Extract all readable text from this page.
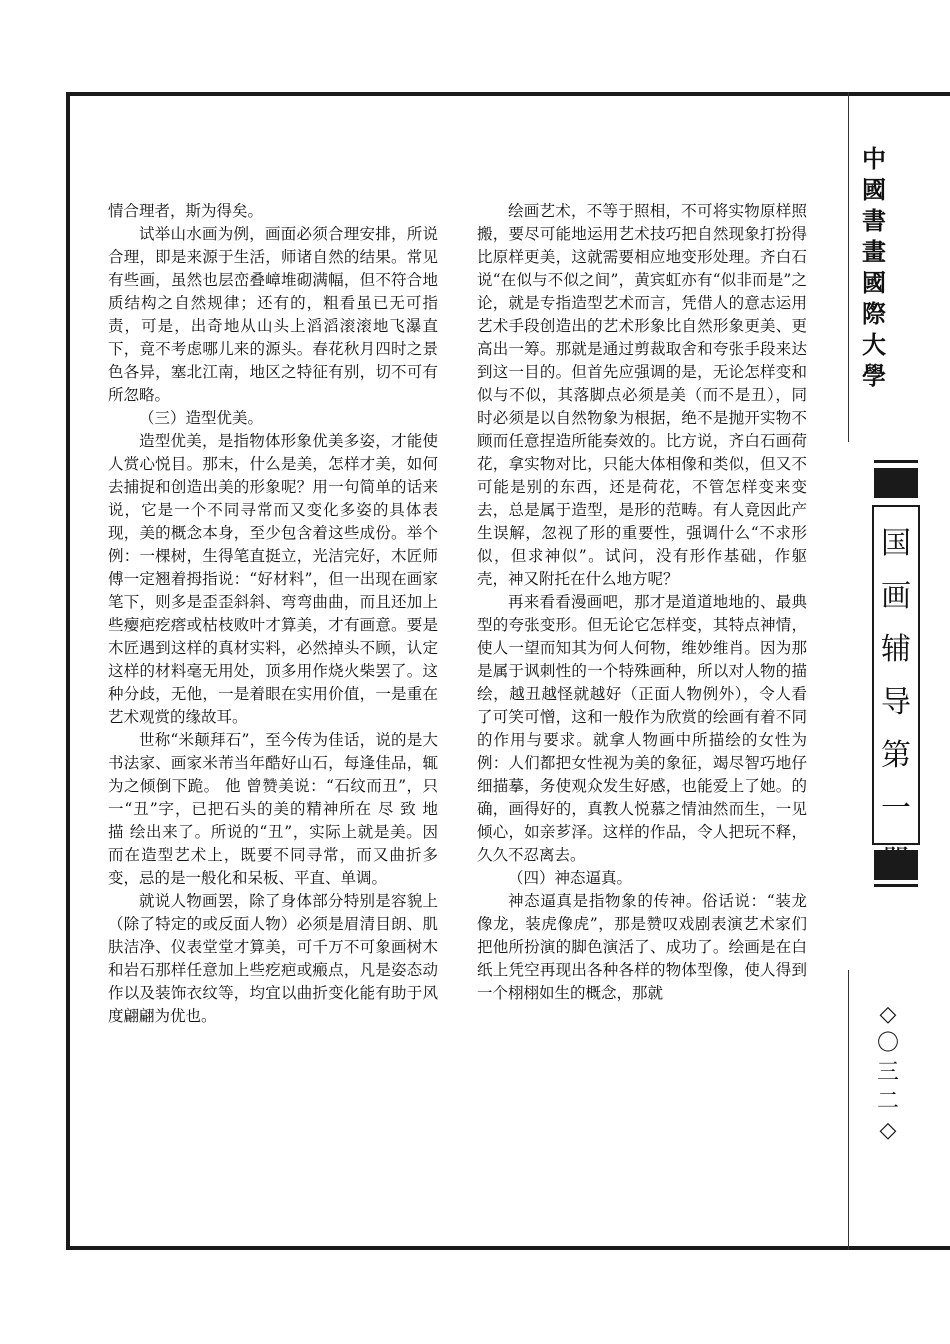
情合理者，斯为得矣。

试举山水画为例，画面必须合理安排，所说合理，即是来源于生活，师诸自然的结果。常见有些画，虽然也层峦叠嶂堆砌满幅，但不符合地质结构之自然规律；还有的，粗看虽已无可指责，可是，出奇地从山头上滔滔滚滚地飞瀑直下，竟不考虑哪儿来的源头。春花秋月四时之景色各异，塞北江南，地区之特征有别，切不可有所忽略。

（三）造型优美。

造型优美，是指物体形象优美多姿，才能使人赏心悦目。那末，什么是美，怎样才美，如何去捕捉和创造出美的形象呢？用一句简单的话来说，它是一个不同寻常而又变化多姿的具体表现，美的概念本身，至少包含着这些成份。举个例：一棵树，生得笔直挺立，光洁完好，木匠师傅一定翘着拇指说：“好材料”，但一出现在画家笔下，则多是歪歪斜斜、弯弯曲曲，而且还加上些瘿疤疙瘩或枯枝败叶才算美，才有画意。要是木匠遇到这样的真材实料，必然掉头不顾，认定这样的材料毫无用处，顶多用作烧火柴罢了。这种分歧，无他，一是着眼在实用价值，一是重在艺术观赏的缘故耳。

世称“米颠拜石”，至今传为佳话，说的是大书法家、画家米芾当年酷好山石，每逢佳品，辄为之倾倒下跪。 他 曾赞美说：“石纹而丑”，只一“丑”字，已把石头的美的精神所在 尽 致 地 描 绘出来了。所说的“丑”，实际上就是美。因而在造型艺术上，既要不同寻常，而又曲折多变，忌的是一般化和呆板、平直、单调。

就说人物画罢，除了身体部分特别是容貌上（除了特定的或反面人物）必须是眉清目朗、肌肤洁净、仪表堂堂才算美，可千万不可象画树木和岩石那样任意加上些疙疤或瘢点，凡是姿态动作以及装饰衣纹等，均宜以曲折变化能有助于风度翩翩为优也。

绘画艺术，不等于照相，不可将实物原样照搬，要尽可能地运用艺术技巧把自然现象打扮得比原样更美，这就需要相应地变形处理。齐白石说“在似与不似之间”，黄宾虹亦有“似非而是”之论，就是专指造型艺术而言，凭借人的意志运用艺术手段创造出的艺术形象比自然形象更美、更高出一筹。那就是通过剪裁取舍和夸张手段来达到这一目的。但首先应强调的是，无论怎样变和似与不似，其落脚点必须是美（而不是丑），同时必须是以自然物象为根据，绝不是抛开实物不顾而任意捏造所能奏效的。比方说，齐白石画荷花，拿实物对比，只能大体相像和类似，但又不可能是别的东西，还是荷花，不管怎样变来变去，总是属于造型，是形的范畴。有人竟因此产生误解，忽视了形的重要性，强调什么“不求形似，但求神似”。试问，没有形作基础，作躯壳，神又附托在什么地方呢？

再来看看漫画吧，那才是道道地地的、最典型的夸张变形。但无论它怎样变，其特点神情，使人一望而知其为何人何物，维妙维肖。因为那是属于讽刺性的一个特殊画种，所以对人物的描绘，越丑越怪就越好（正面人物例外），令人看了可笑可憎，这和一般作为欣赏的绘画有着不同的作用与要求。就拿人物画中所描绘的女性为例：人们都把女性视为美的象征，竭尽智巧地仔细描摹，务使观众发生好感，也能爱上了她。的确，画得好的，真教人悦慕之情油然而生，一见倾心，如亲芗泽。这样的作品，令人把玩不释，久久不忍离去。

（四）神态逼真。

神态逼真是指物象的传神。俗话说：“装龙像龙，装虎像虎”，那是赞叹戏剧表演艺术家们把他所扮演的脚色演活了、成功了。绘画是在白纸上凭空再现出各种各样的物体型像，使人得到一个栩栩如生的概念，那就

中
國
書
畫
國
際
大
學
国
画
辅
导
第
一
◇
〇
三
二
◇
